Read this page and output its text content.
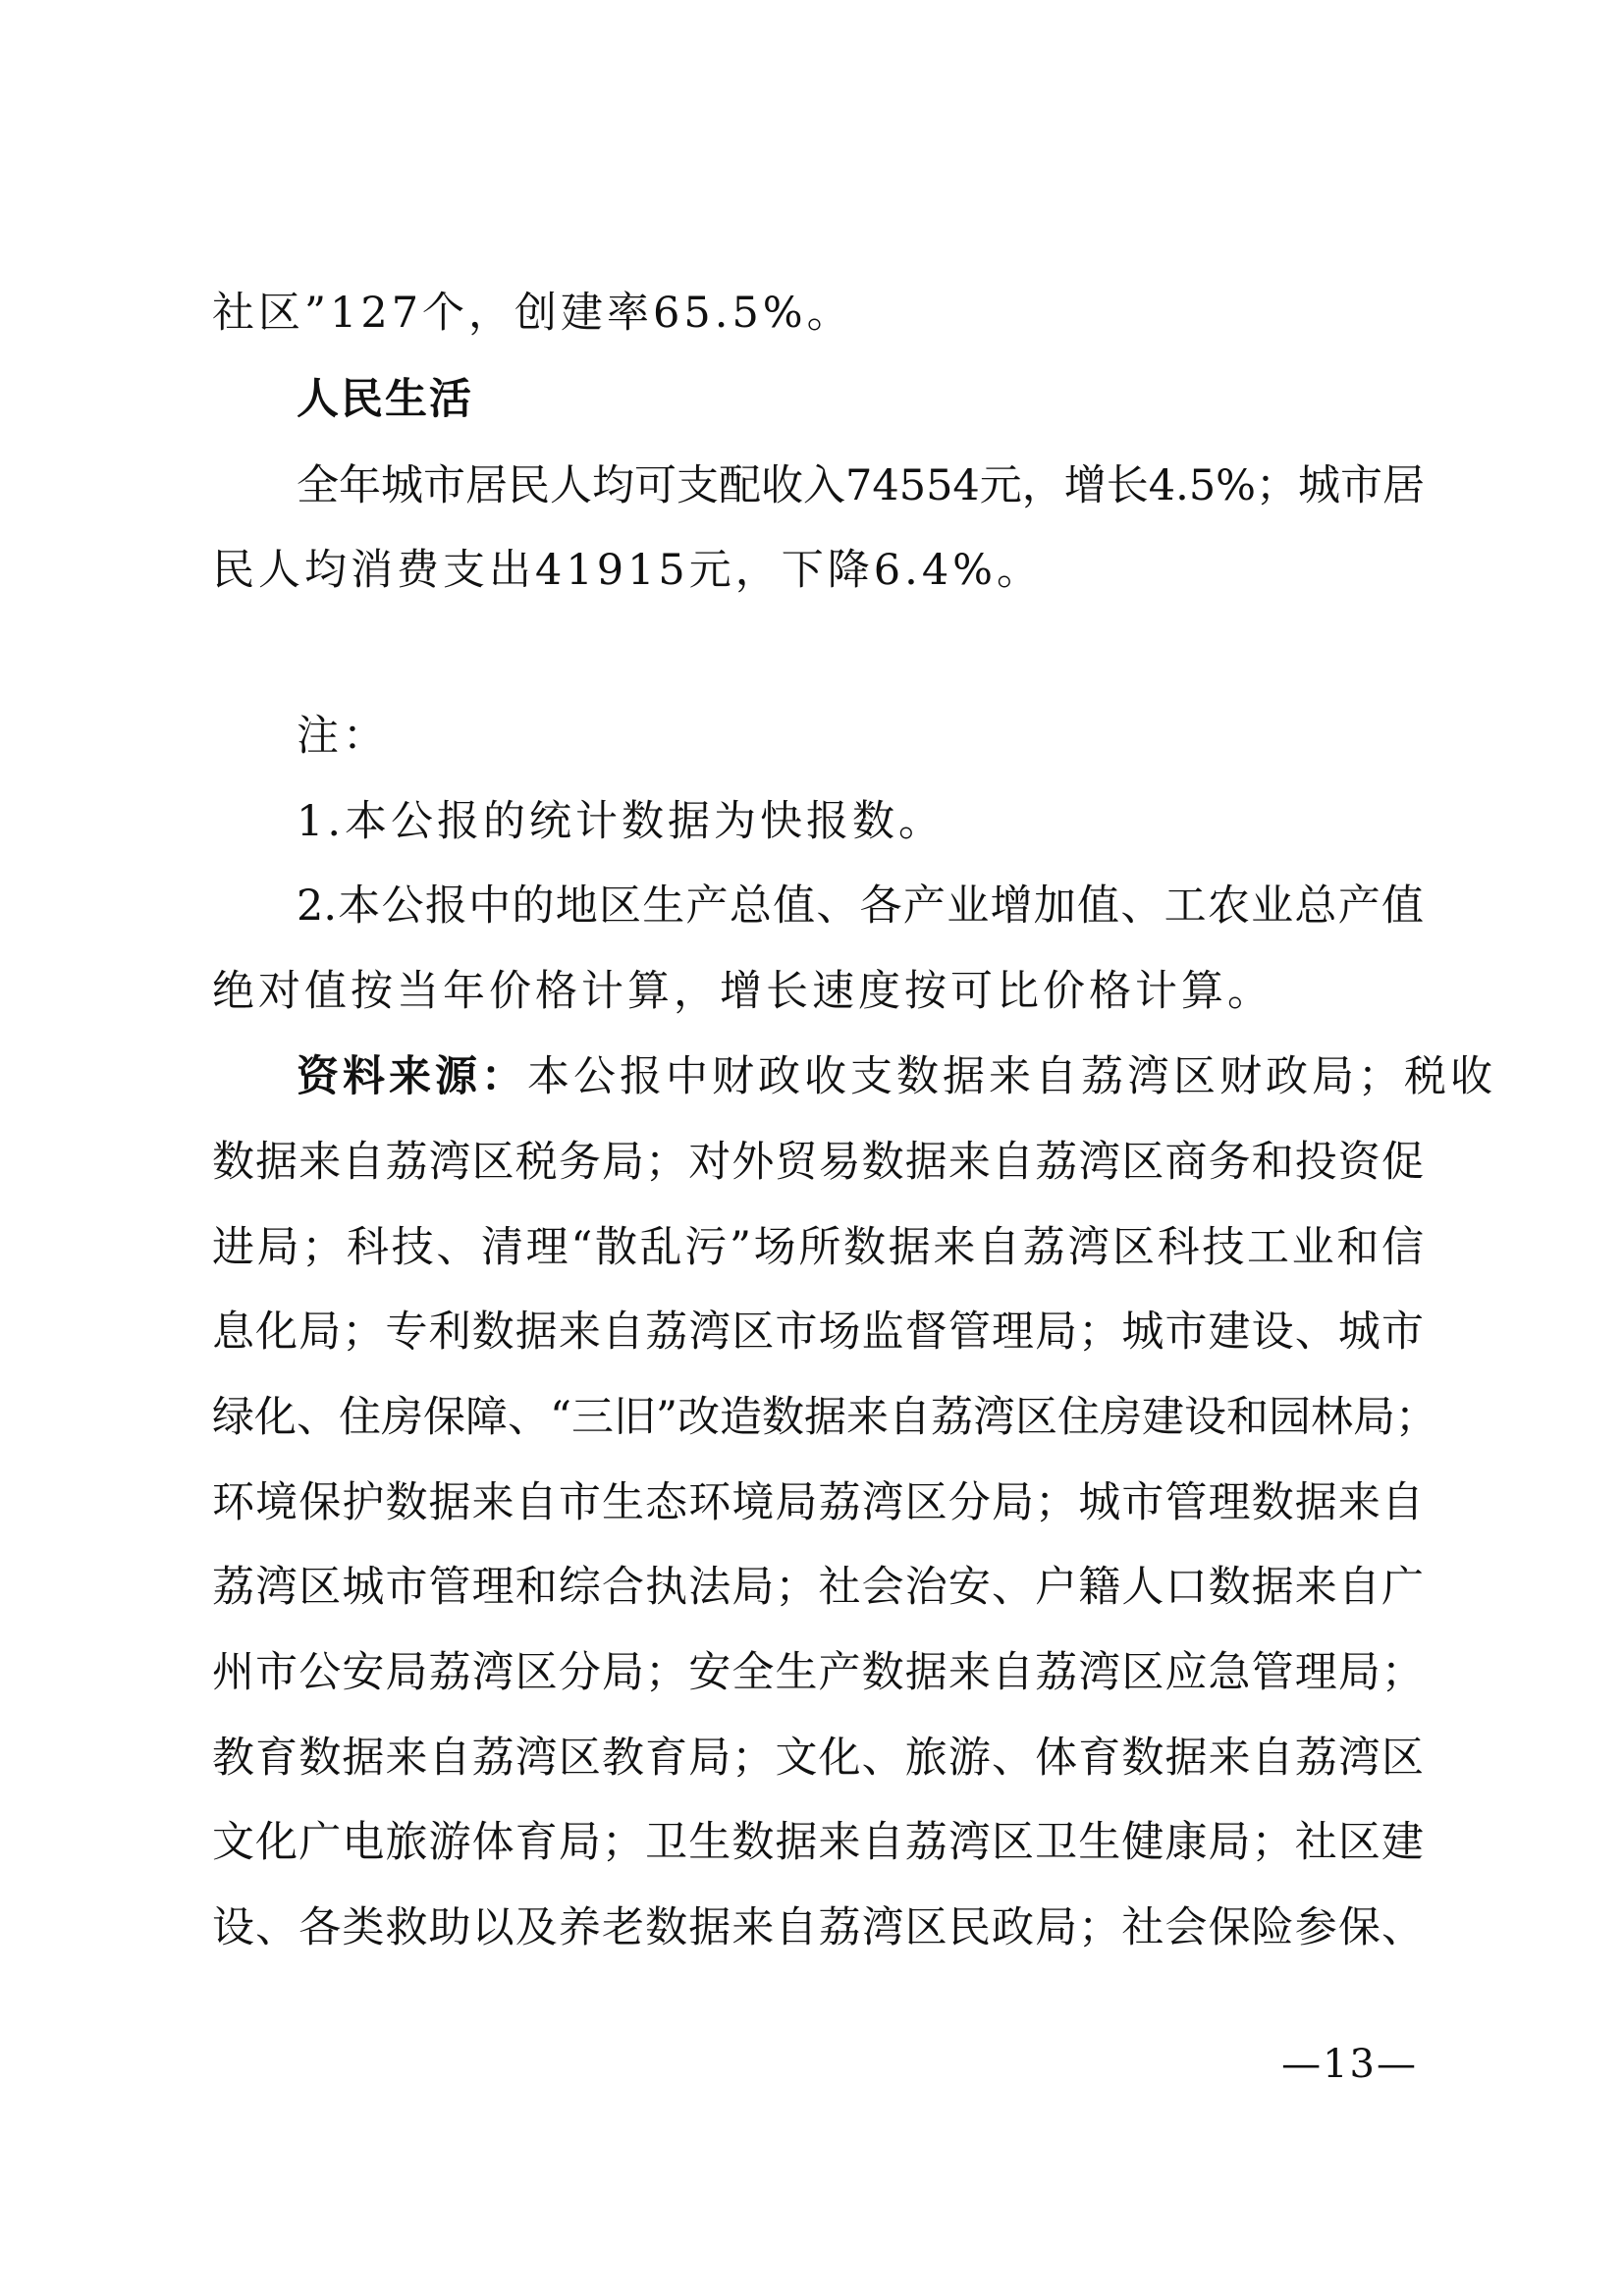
社区”127个，创建率65.5%。
人民生活
全年城市居民人均可支配收入74554元，增长4.5%；城市居
民人均消费支出41915元，下降6.4%。
注：
1.本公报的统计数据为快报数。
2.本公报中的地区生产总值、各产业增加值、工农业总产值
绝对值按当年价格计算，增长速度按可比价格计算。
资料来源：本公报中财政收支数据来自荔湾区财政局；税收
数据来自荔湾区税务局；对外贸易数据来自荔湾区商务和投资促
进局；科技、清理“散乱污”场所数据来自荔湾区科技工业和信
息化局；专利数据来自荔湾区市场监督管理局；城市建设、城市
绿化、住房保障、“三旧”改造数据来自荔湾区住房建设和园林局；
环境保护数据来自市生态环境局荔湾区分局；城市管理数据来自
荔湾区城市管理和综合执法局；社会治安、户籍人口数据来自广
州市公安局荔湾区分局；安全生产数据来自荔湾区应急管理局；
教育数据来自荔湾区教育局；文化、旅游、体育数据来自荔湾区
文化广电旅游体育局；卫生数据来自荔湾区卫生健康局；社区建
设、各类救助以及养老数据来自荔湾区民政局；社会保险参保、
—13—
